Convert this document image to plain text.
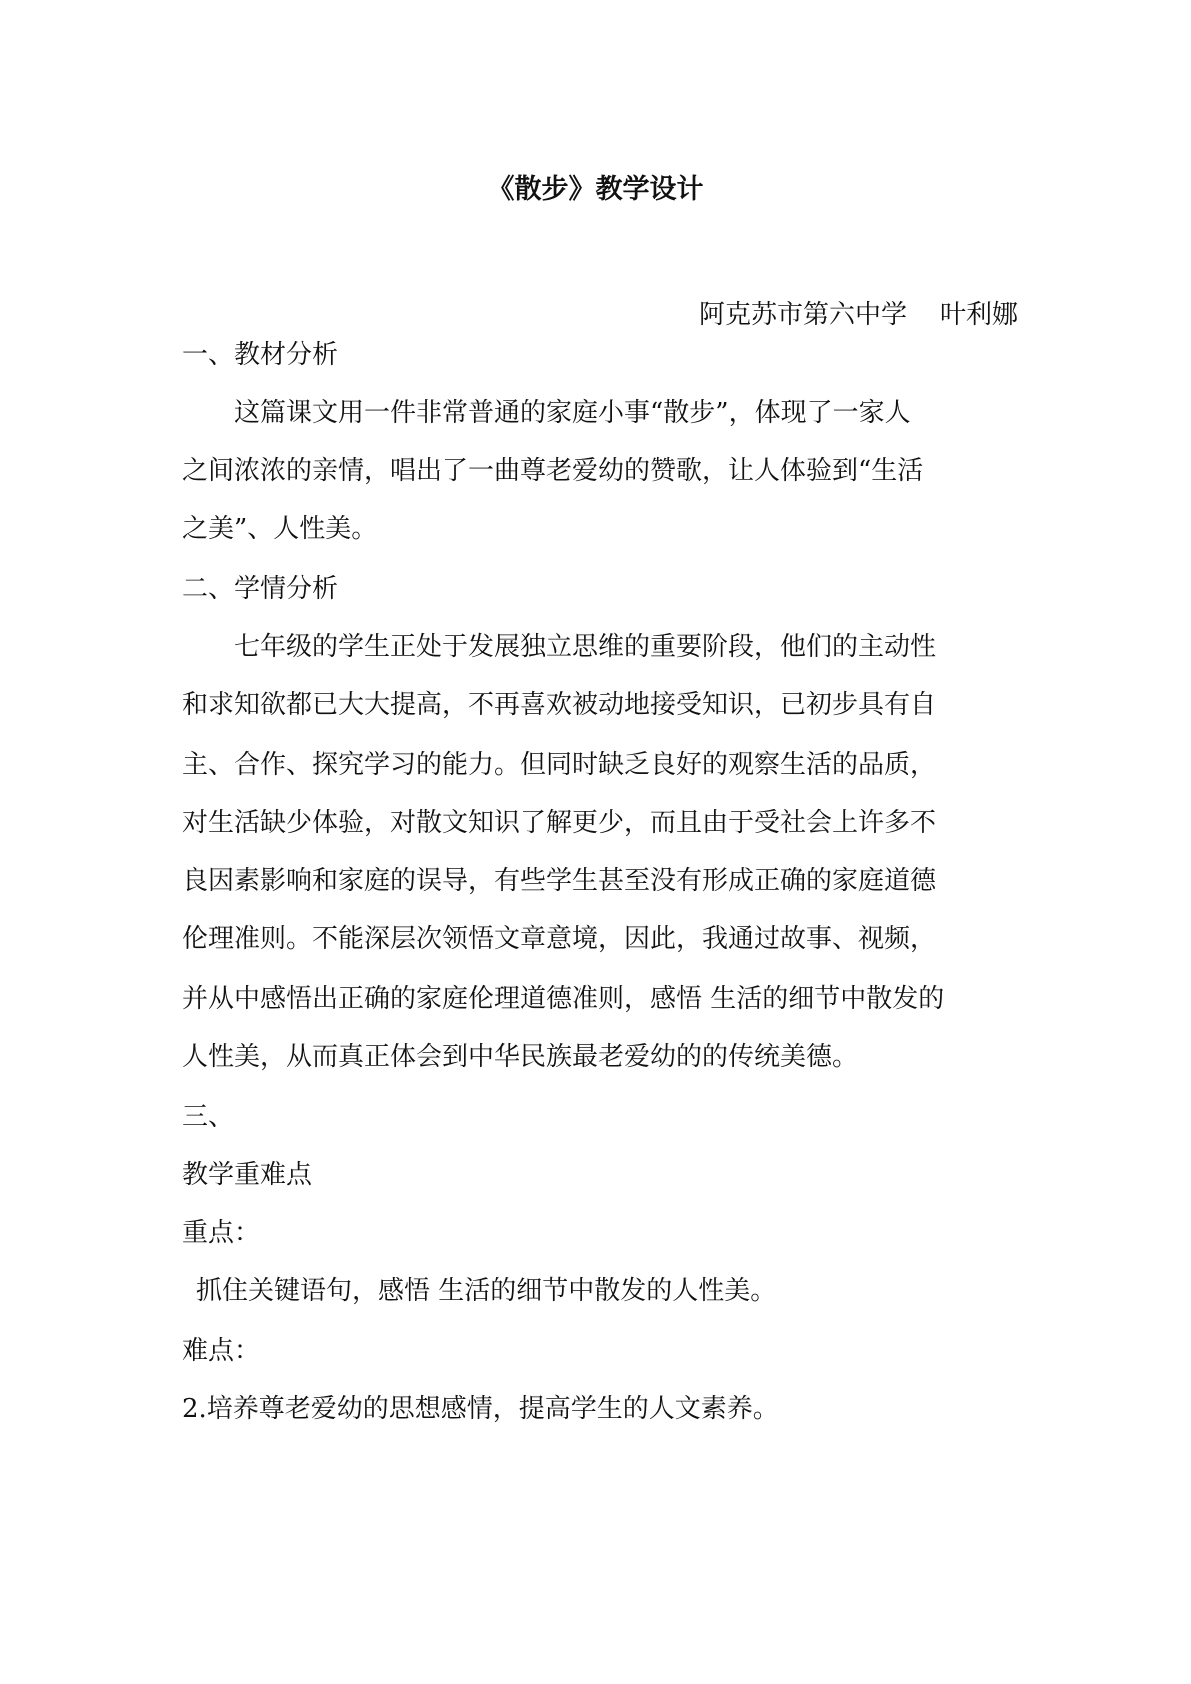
《散步》教学设计

阿克苏市第六中学    叶利娜

一、教材分析

这篇课文用一件非常普通的家庭小事“散步”，体现了一家人

之间浓浓的亲情，唱出了一曲尊老爱幼的赞歌，让人体验到“生活

之美”、人性美。

二、学情分析

七年级的学生正处于发展独立思维的重要阶段，他们的主动性

和求知欲都已大大提高，不再喜欢被动地接受知识，已初步具有自

主、合作、探究学习的能力。但同时缺乏良好的观察生活的品质，

对生活缺少体验，对散文知识了解更少，而且由于受社会上许多不

良因素影响和家庭的误导，有些学生甚至没有形成正确的家庭道德

伦理准则。不能深层次领悟文章意境，因此，我通过故事、视频，

并从中感悟出正确的家庭伦理道德准则，感悟 生活的细节中散发的

人性美，从而真正体会到中华民族最老爱幼的的传统美德。

三、

教学重难点

重点：

抓住关键语句，感悟 生活的细节中散发的人性美。

难点：

2.培养尊老爱幼的思想感情，提高学生的人文素养。
